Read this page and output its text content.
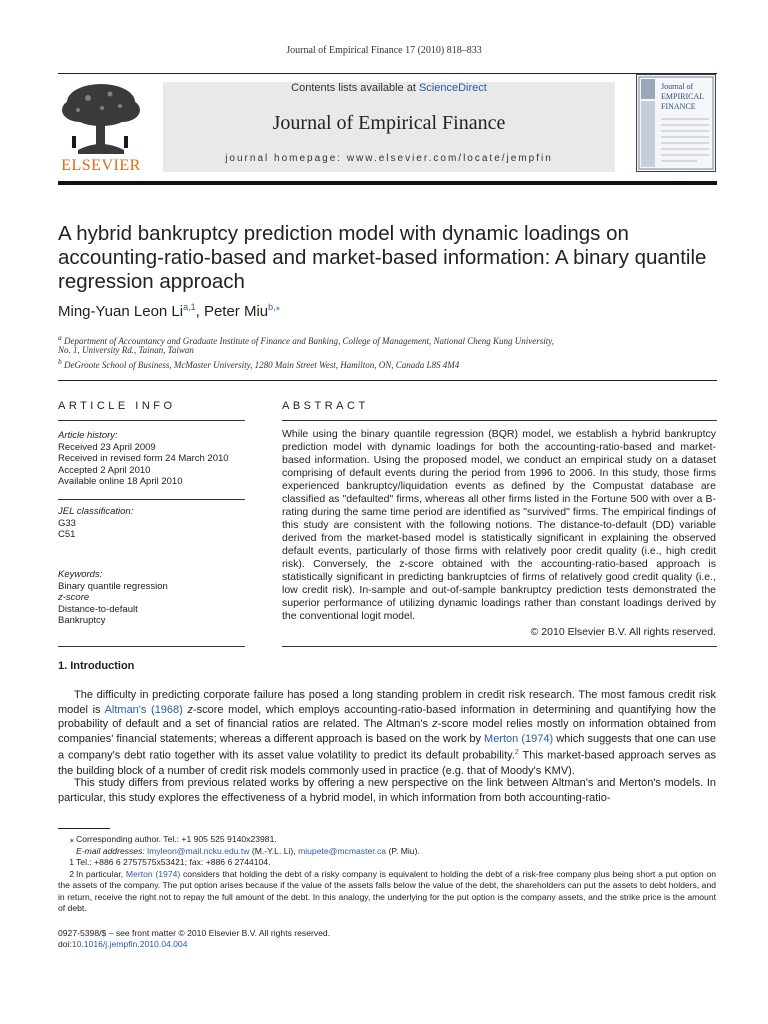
Journal of Empirical Finance 17 (2010) 818–833
ELSEVIER
Contents lists available at ScienceDirect
Journal of Empirical Finance
journal homepage: www.elsevier.com/locate/jempfin
Journal of
EMPIRICAL
FINANCE
A hybrid bankruptcy prediction model with dynamic loadings on accounting-ratio-based and market-based information: A binary quantile regression approach
Ming-Yuan Leon Li$^{a,1}$, Peter Miu$^{b,⁎}$
$^a$ Department of Accountancy and Graduate Institute of Finance and Banking, College of Management, National Cheng Kung University,
No. 1, University Rd., Tainan, Taiwan
$^b$ DeGroote School of Business, McMaster University, 1280 Main Street West, Hamilton, ON, Canada L8S 4M4
ARTICLE INFO
Article history:
Received 23 April 2009
Received in revised form 24 March 2010
Accepted 2 April 2010
Available online 18 April 2010
JEL classification:
G33
C51
Keywords:
Binary quantile regression
z-score
Distance-to-default
Bankruptcy
ABSTRACT
While using the binary quantile regression (BQR) model, we establish a hybrid bankruptcy prediction model with dynamic loadings for both the accounting-ratio-based and market-based information. Using the proposed model, we conduct an empirical study on a dataset comprising of default events during the period from 1996 to 2006. In this study, those firms experienced bankruptcy/liquidation events as defined by the Compustat database are classified as "defaulted" firms, whereas all other firms listed in the Fortune 500 with over a B-rating during the same time period are identified as "survived" firms. The empirical findings of this study are consistent with the following notions. The distance-to-default (DD) variable derived from the market-based model is statistically significant in explaining the observed default events, particularly of those firms with relatively poor credit quality (i.e., high credit risk). Conversely, the z-score obtained with the accounting-ratio-based approach is statistically significant in predicting bankruptcies of firms of relatively good credit quality (i.e., low credit risk). In-sample and out-of-sample bankruptcy prediction tests demonstrated the superior performance of utilizing dynamic loadings rather than constant loadings derived by the conventional logit model.
© 2010 Elsevier B.V. All rights reserved.
1. Introduction
The difficulty in predicting corporate failure has posed a long standing problem in credit risk research. The most famous credit risk model is Altman's (1968) z-score model, which employs accounting-ratio-based information in determining and quantifying how the probability of default and a set of financial ratios are related. The Altman's z-score model relies mostly on information obtained from companies' financial statements; whereas a different approach is based on the work by Merton (1974) which suggests that one can use a company's debt ratio together with its asset value volatility to predict its default probability.$^2$ This market-based approach serves as the building block of a number of credit risk models commonly used in practice (e.g. that of Moody's KMV).
This study differs from previous related works by offering a new perspective on the link between Altman's and Merton's models. In particular, this study explores the effectiveness of a hybrid model, in which information from both accounting-ratio-
⁎ Corresponding author. Tel.: +1 905 525 9140x23981.
E-mail addresses: lmyleon@mail.ncku.edu.tw (M.-Y.L. Li), miupete@mcmaster.ca (P. Miu).
1 Tel.: +886 6 2757575x53421; fax: +886 6 2744104.
2 In particular, Merton (1974) considers that holding the debt of a risky company is equivalent to holding the debt of a risk-free company plus being short a put option on the assets of the company. The put option arises because if the value of the assets falls below the value of the debt, the shareholders can put the assets to debt holders, and in return, receive the right not to repay the full amount of the debt. In this analogy, the underlying for the put option is the company assets, and the strike price is the amount of debt.
0927-5398/$ – see front matter © 2010 Elsevier B.V. All rights reserved.
doi:10.1016/j.jempfin.2010.04.004
